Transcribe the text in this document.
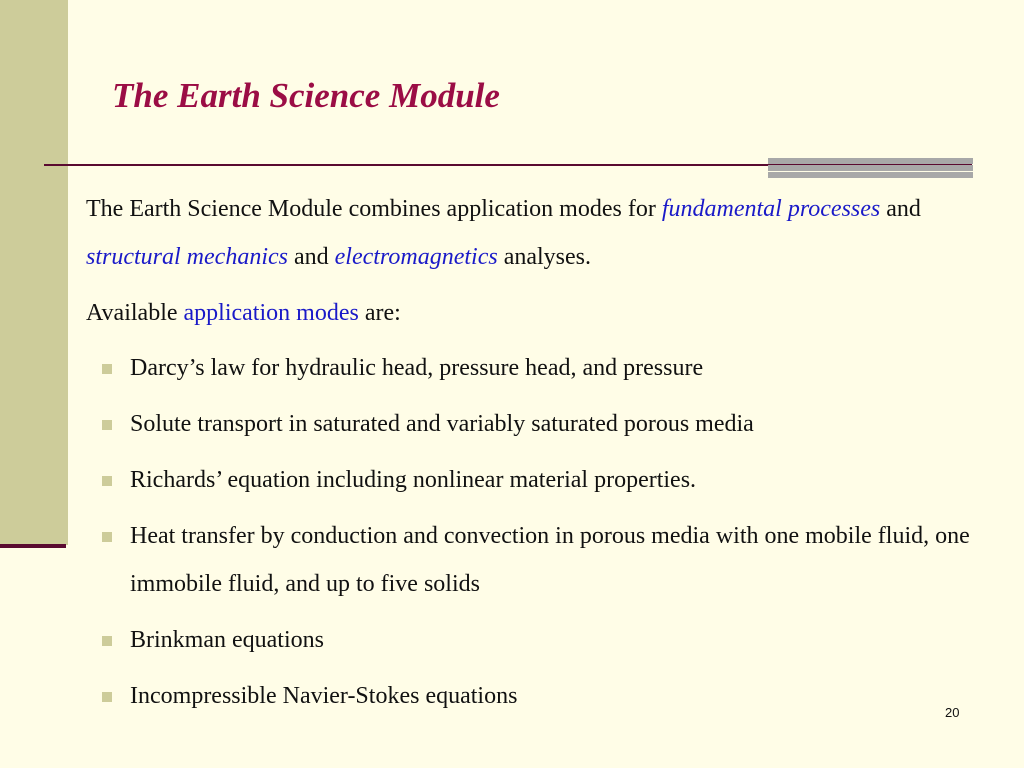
The Earth Science Module

The Earth Science Module combines application modes for fundamental processes and structural mechanics and electromagnetics analyses.

Available application modes are:

Darcy’s law for hydraulic head, pressure head, and pressure
Solute transport in saturated and variably saturated porous media
Richards’ equation including nonlinear material properties.
Heat transfer by conduction and convection in porous media with one mobile fluid, one immobile fluid, and up to five solids
Brinkman equations
Incompressible Navier-Stokes equations
20
